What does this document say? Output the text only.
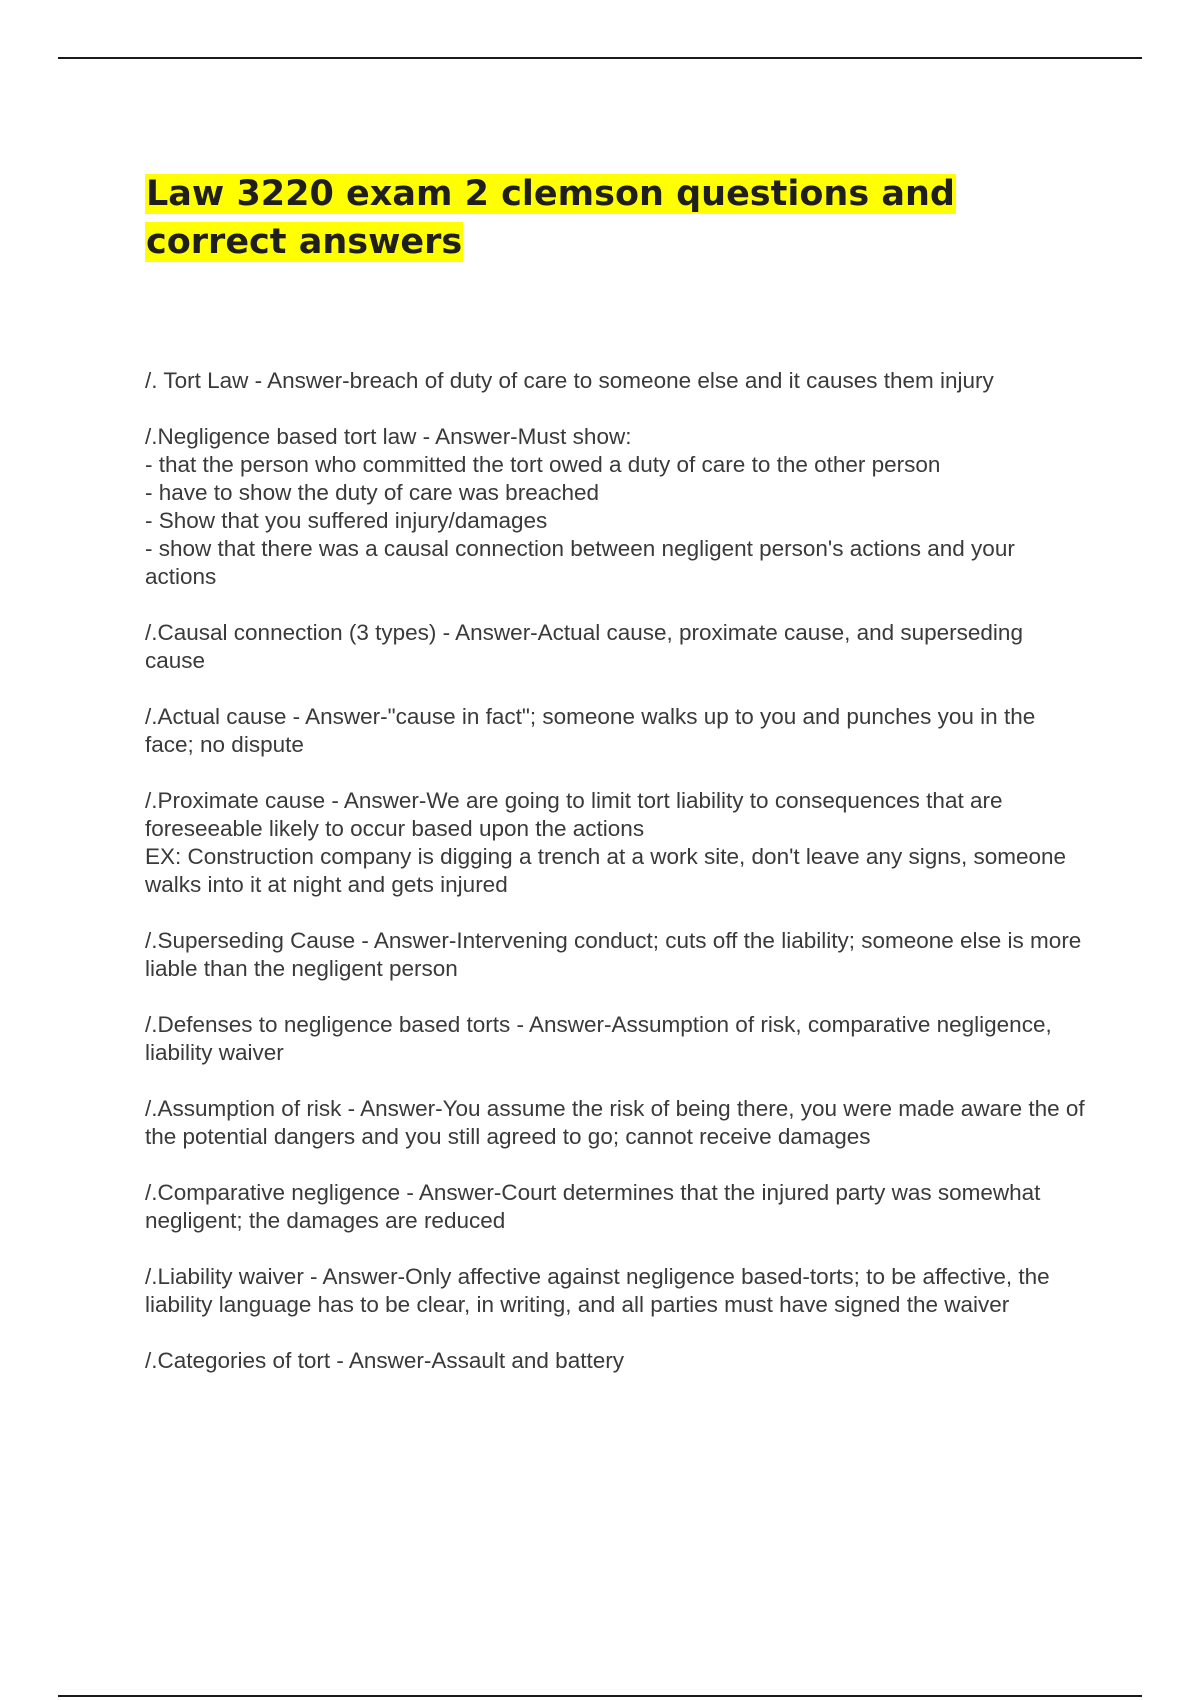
Law 3220 exam 2 clemson questions and correct answers

/. Tort Law - Answer-breach of duty of care to someone else and it causes them injury

/.Negligence based tort law - Answer-Must show:
- that the person who committed the tort owed a duty of care to the other person
- have to show the duty of care was breached
- Show that you suffered injury/damages
- show that there was a causal connection between negligent person's actions and your actions

/.Causal connection (3 types) - Answer-Actual cause, proximate cause, and superseding cause

/.Actual cause - Answer-"cause in fact"; someone walks up to you and punches you in the face; no dispute

/.Proximate cause - Answer-We are going to limit tort liability to consequences that are foreseeable likely to occur based upon the actions
EX: Construction company is digging a trench at a work site, don't leave any signs, someone walks into it at night and gets injured

/.Superseding Cause - Answer-Intervening conduct; cuts off the liability; someone else is more liable than the negligent person

/.Defenses to negligence based torts - Answer-Assumption of risk, comparative negligence, liability waiver

/.Assumption of risk - Answer-You assume the risk of being there, you were made aware the of the potential dangers and you still agreed to go; cannot receive damages

/.Comparative negligence - Answer-Court determines that the injured party was somewhat negligent; the damages are reduced

/.Liability waiver - Answer-Only affective against negligence based-torts; to be affective, the liability language has to be clear, in writing, and all parties must have signed the waiver

/.Categories of tort - Answer-Assault and battery
